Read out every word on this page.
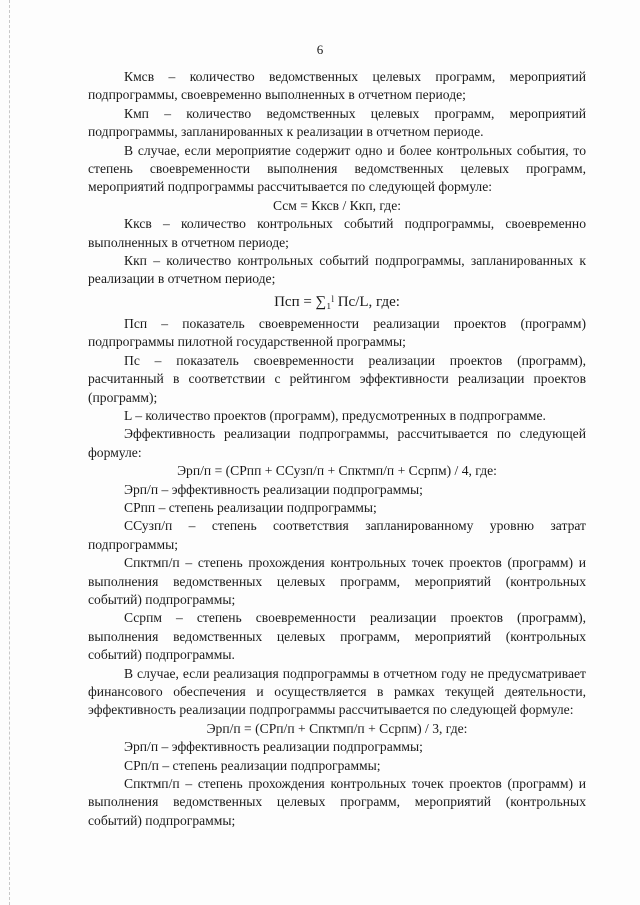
6

Кмсв – количество ведомственных целевых программ, мероприятий подпрограммы, своевременно выполненных в отчетном периоде;

Кмп – количество ведомственных целевых программ, мероприятий подпрограммы, запланированных к реализации в отчетном периоде.

В случае, если мероприятие содержит одно и более контрольных события, то степень своевременности выполнения ведомственных целевых программ, мероприятий подпрограммы рассчитывается по следующей формуле:

Ссм = Кксв / Ккп, где:

Кксв – количество контрольных событий подпрограммы, своевременно выполненных в отчетном периоде;

Ккп – количество контрольных событий подпрограммы, запланированных к реализации в отчетном периоде;

Псп = ∑₁ˡ Пс/L, где:

Псп – показатель своевременности реализации проектов (программ) подпрограммы пилотной государственной программы;

Пс – показатель своевременности реализации проектов (программ), расчитанный в соответствии с рейтингом эффективности реализации проектов (программ);

L – количество проектов (программ), предусмотренных в подпрограмме.

Эффективность реализации подпрограммы, рассчитывается по следующей формуле:

Эрп/п = (СРпп + ССузп/п + Спктмп/п + Ссрпм) / 4, где:

Эрп/п – эффективность реализации подпрограммы;

СРпп – степень реализации подпрограммы;

ССузп/п – степень соответствия запланированному уровню затрат подпрограммы;

Спктмп/п – степень прохождения контрольных точек проектов (программ) и выполнения ведомственных целевых программ, мероприятий (контрольных событий) подпрограммы;

Ссрпм – степень своевременности реализации проектов (программ), выполнения ведомственных целевых программ, мероприятий (контрольных событий) подпрограммы.

В случае, если реализация подпрограммы в отчетном году не предусматривает финансового обеспечения и осуществляется в рамках текущей деятельности, эффективность реализации подпрограммы рассчитывается по следующей формуле:

Эрп/п = (СРп/п + Спктмп/п + Ссрпм) / 3, где:

Эрп/п – эффективность реализации подпрограммы;

СРп/п – степень реализации подпрограммы;

Спктмп/п – степень прохождения контрольных точек проектов (программ) и выполнения ведомственных целевых программ, мероприятий (контрольных событий) подпрограммы;
